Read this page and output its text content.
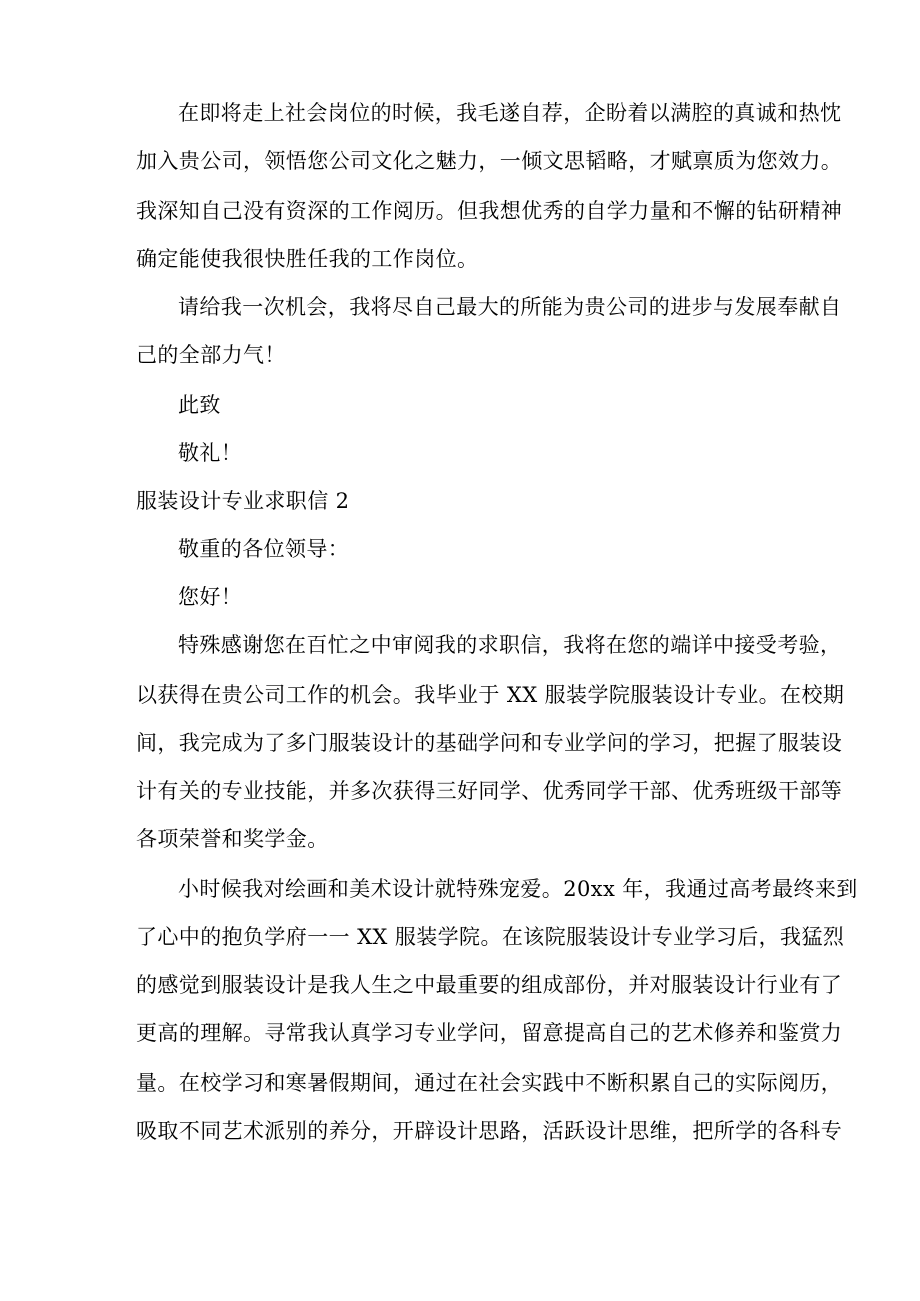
在即将走上社会岗位的时候，我毛遂自荐，企盼着以满腔的真诚和热忱
加入贵公司，领悟您公司文化之魅力，一倾文思韬略，才赋禀质为您效力。
我深知自己没有资深的工作阅历。但我想优秀的自学力量和不懈的钻研精神
确定能使我很快胜任我的工作岗位。
请给我一次机会，我将尽自己最大的所能为贵公司的进步与发展奉献自
己的全部力气！
此致
敬礼！
服装设计专业求职信 2
敬重的各位领导：
您好！
特殊感谢您在百忙之中审阅我的求职信，我将在您的端详中接受考验，
以获得在贵公司工作的机会。我毕业于 XX 服装学院服装设计专业。在校期
间，我完成为了多门服装设计的基础学问和专业学问的学习，把握了服装设
计有关的专业技能，并多次获得三好同学、优秀同学干部、优秀班级干部等
各项荣誉和奖学金。
小时候我对绘画和美术设计就特殊宠爱。20xx 年，我通过高考最终来到
了心中的抱负学府一一 XX 服装学院。在该院服装设计专业学习后，我猛烈
的感觉到服装设计是我人生之中最重要的组成部份，并对服装设计行业有了
更高的理解。寻常我认真学习专业学问，留意提高自己的艺术修养和鉴赏力
量。在校学习和寒暑假期间，通过在社会实践中不断积累自己的实际阅历，
吸取不同艺术派别的养分，开辟设计思路，活跃设计思维，把所学的各科专
